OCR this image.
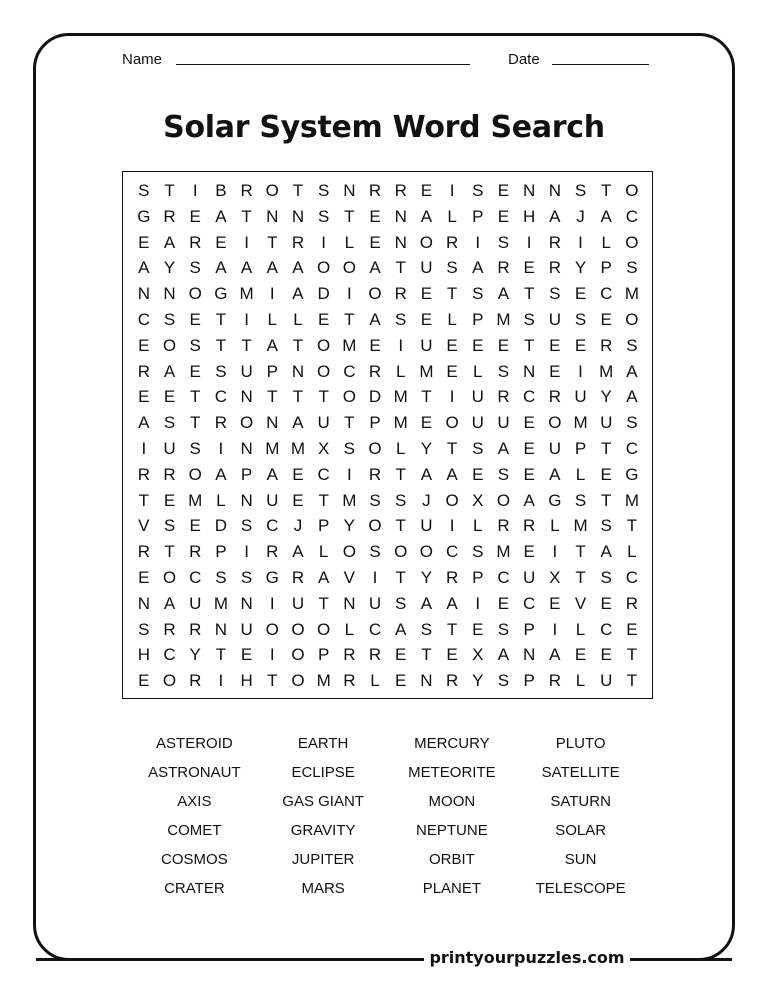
Name	Date
Solar System Word Search
S T	I	B R O T S N R R E	I	S E N N S T O
G R E A T N N S T E N A L P E H A J A C
E A R E	I	T R	I	L E N O R	I	S	I	R	I	L O
A Y S A A A A O O A T U S A R E R Y P S
N N O G M I	A D	I O R E T S A T S E C M
C S E T	I	L L E T A S E L P M S U S E O
E O S T T A T O M E	I	U E E E T E E R S
R A E S U P N O C R L M E L S N E	I M A
E E T C N T T T O D M T	I	U R C R U Y A
A S T R O N A U T P M E O U U E O M U S
I	U S	I	N M M X S O L Y T S A E U P T C
R R O A P A E C	I	R T A A E S E A L E G
T E M L N U E T M S S J O X O A G S T M
V S E D S C J P Y O T U	I	L R R L M S T
R T R P	I	R A L O S O O C S M E	I	T A L
E O C S S G R A V	I	T Y R P C U X T S C
N A U M N	I	U T N U S A A	I	E C E V E R
S R R N U O O O L C A S T E S P	I	L C E
H C Y T E	I O P R R E T E X A N A E E T
E O R	I	H T O M R L E N R Y S P R L U T
ASTEROID	EARTH	MERCURY	PLUTO
ASTRONAUT	ECLIPSE	METEORITE	SATELLITE
AXIS	GAS GIANT	MOON	SATURN
COMET	GRAVITY	NEPTUNE	SOLAR
COSMOS	JUPITER	ORBIT	SUN
CRATER	MARS	PLANET	TELESCOPE
printyourpuzzles.com
